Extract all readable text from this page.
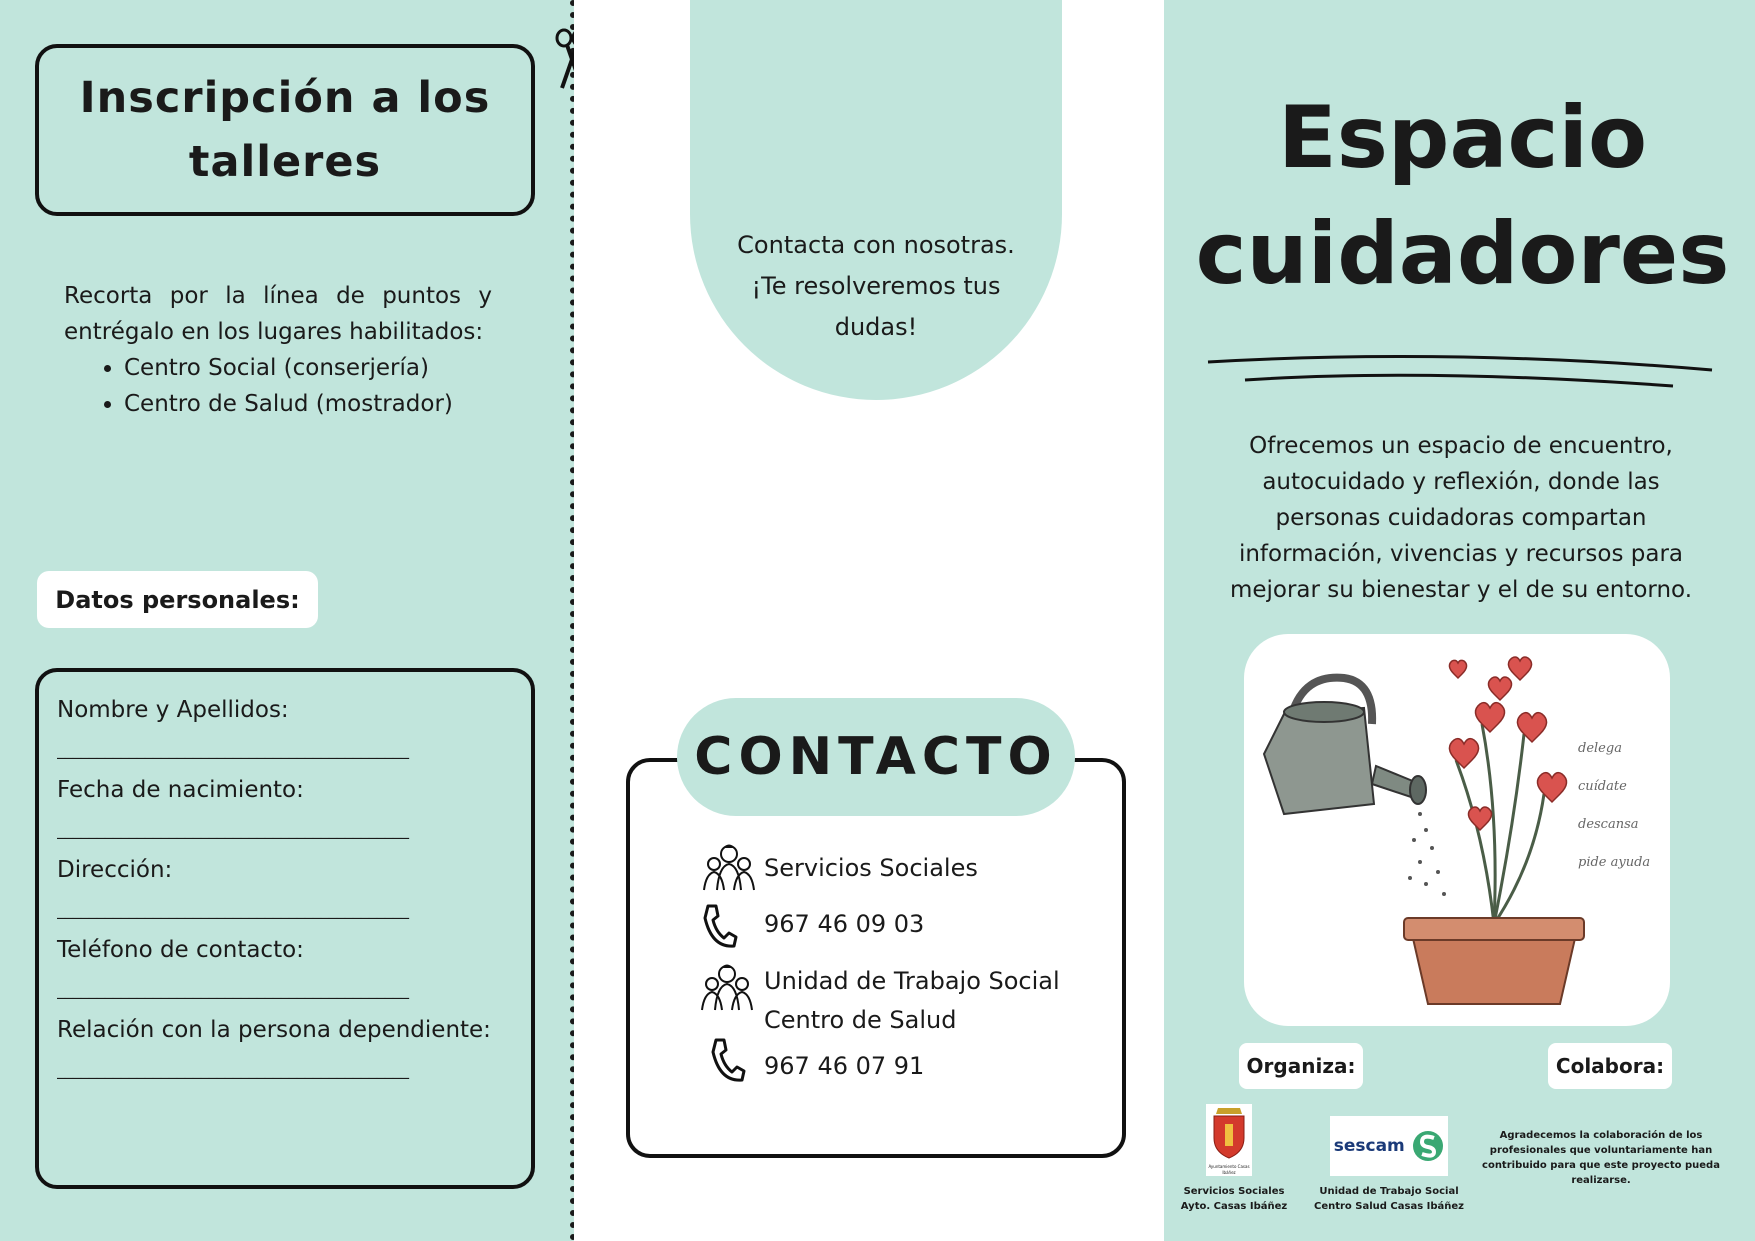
Inscripción a los talleres
Recorta por la línea de puntos y entrégalo en los lugares habilitados:
• Centro Social (conserjería)
• Centro de Salud (mostrador)
Datos personales:
Nombre y Apellidos:
____________________________________________
Fecha de nacimiento:
____________________________________________
Dirección:
____________________________________________
Teléfono de contacto:
____________________________________________
Relación con la persona dependiente:
____________________________________________
Contacta con nosotras. ¡Te resolveremos tus dudas!
CONTACTO
Servicios Sociales
967 46 09 03
Unidad de Trabajo Social
Centro de Salud
967 46 07 91
Espacio
cuidadores
Ofrecemos un espacio de encuentro, autocuidado y reflexión, donde las personas cuidadoras compartan información, vivencias y recursos para mejorar su bienestar y el de su entorno.
delega
cuídate
descansa
pide ayuda
Organiza:	Colabora:
Ayuntamiento Casas Ibáñez
Servicios Sociales
Ayto. Casas Ibáñez
sescam
Unidad de Trabajo Social
Centro Salud Casas Ibáñez
Agradecemos la colaboración de los profesionales que voluntariamente han contribuido para que este proyecto pueda realizarse.
